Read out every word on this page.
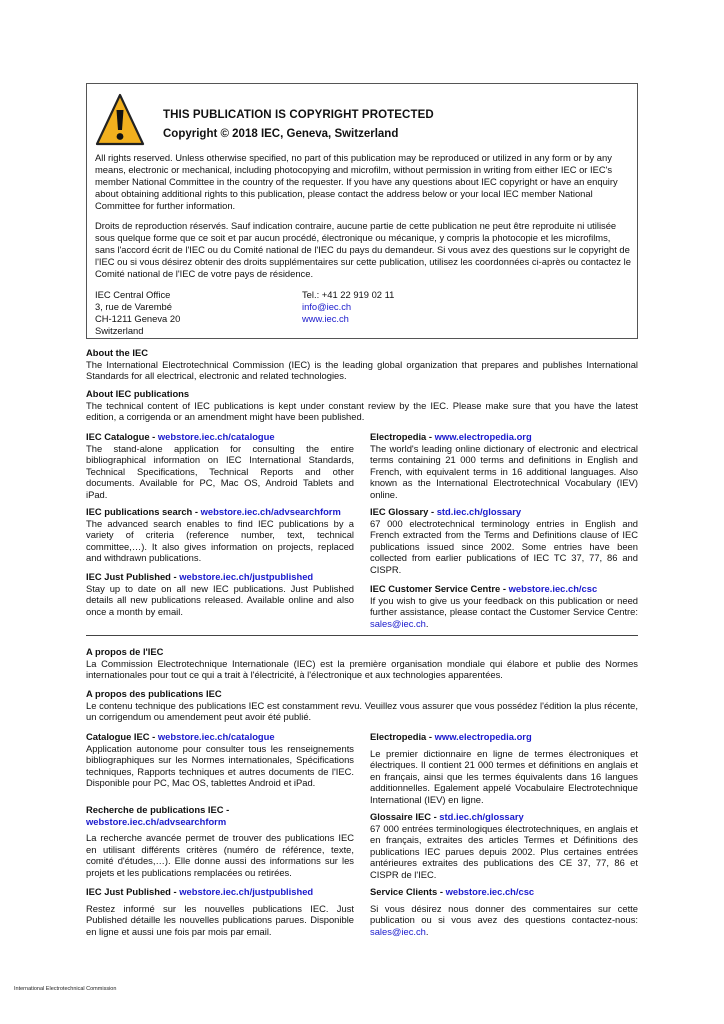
THIS PUBLICATION IS COPYRIGHT PROTECTED
Copyright © 2018 IEC, Geneva, Switzerland
All rights reserved. Unless otherwise specified, no part of this publication may be reproduced or utilized in any form or by any means, electronic or mechanical, including photocopying and microfilm, without permission in writing from either IEC or IEC's member National Committee in the country of the requester. If you have any questions about IEC copyright or have an enquiry about obtaining additional rights to this publication, please contact the address below or your local IEC member National Committee for further information.
Droits de reproduction réservés. Sauf indication contraire, aucune partie de cette publication ne peut être reproduite ni utilisée sous quelque forme que ce soit et par aucun procédé, électronique ou mécanique, y compris la photocopie et les microfilms, sans l'accord écrit de l'IEC ou du Comité national de l'IEC du pays du demandeur. Si vous avez des questions sur le copyright de l'IEC ou si vous désirez obtenir des droits supplémentaires sur cette publication, utilisez les coordonnées ci-après ou contactez le Comité national de l'IEC de votre pays de résidence.
IEC Central Office
3, rue de Varembé
CH-1211 Geneva 20
Switzerland
Tel.: +41 22 919 02 11
info@iec.ch
www.iec.ch
About the IEC
The International Electrotechnical Commission (IEC) is the leading global organization that prepares and publishes International Standards for all electrical, electronic and related technologies.
About IEC publications
The technical content of IEC publications is kept under constant review by the IEC. Please make sure that you have the latest edition, a corrigenda or an amendment might have been published.
IEC Catalogue - webstore.iec.ch/catalogue
The stand-alone application for consulting the entire bibliographical information on IEC International Standards, Technical Specifications, Technical Reports and other documents. Available for PC, Mac OS, Android Tablets and iPad.
IEC publications search - webstore.iec.ch/advsearchform
The advanced search enables to find IEC publications by a variety of criteria (reference number, text, technical committee,…). It also gives information on projects, replaced and withdrawn publications.
IEC Just Published - webstore.iec.ch/justpublished
Stay up to date on all new IEC publications. Just Published details all new publications released. Available online and also once a month by email.
Electropedia - www.electropedia.org
The world's leading online dictionary of electronic and electrical terms containing 21 000 terms and definitions in English and French, with equivalent terms in 16 additional languages. Also known as the International Electrotechnical Vocabulary (IEV) online.
IEC Glossary - std.iec.ch/glossary
67 000 electrotechnical terminology entries in English and French extracted from the Terms and Definitions clause of IEC publications issued since 2002. Some entries have been collected from earlier publications of IEC TC 37, 77, 86 and CISPR.
IEC Customer Service Centre - webstore.iec.ch/csc
If you wish to give us your feedback on this publication or need further assistance, please contact the Customer Service Centre: sales@iec.ch.
A propos de l'IEC
La Commission Electrotechnique Internationale (IEC) est la première organisation mondiale qui élabore et publie des Normes internationales pour tout ce qui a trait à l'électricité, à l'électronique et aux technologies apparentées.
A propos des publications IEC
Le contenu technique des publications IEC est constamment revu. Veuillez vous assurer que vous possédez l'édition la plus récente, un corrigendum ou amendement peut avoir été publié.
Catalogue IEC - webstore.iec.ch/catalogue
Application autonome pour consulter tous les renseignements bibliographiques sur les Normes internationales, Spécifications techniques, Rapports techniques et autres documents de l'IEC. Disponible pour PC, Mac OS, tablettes Android et iPad.
Recherche de publications IEC -
webstore.iec.ch/advsearchform
La recherche avancée permet de trouver des publications IEC en utilisant différents critères (numéro de référence, texte, comité d'études,…). Elle donne aussi des informations sur les projets et les publications remplacées ou retirées.
IEC Just Published - webstore.iec.ch/justpublished
Restez informé sur les nouvelles publications IEC. Just Published détaille les nouvelles publications parues. Disponible en ligne et aussi une fois par mois par email.
Electropedia - www.electropedia.org
Le premier dictionnaire en ligne de termes électroniques et électriques. Il contient 21 000 termes et définitions en anglais et en français, ainsi que les termes équivalents dans 16 langues additionnelles. Egalement appelé Vocabulaire Electrotechnique International (IEV) en ligne.
Glossaire IEC - std.iec.ch/glossary
67 000 entrées terminologiques électrotechniques, en anglais et en français, extraites des articles Termes et Définitions des publications IEC parues depuis 2002. Plus certaines entrées antérieures extraites des publications des CE 37, 77, 86 et CISPR de l'IEC.
Service Clients - webstore.iec.ch/csc
Si vous désirez nous donner des commentaires sur cette publication ou si vous avez des questions contactez-nous: sales@iec.ch.
International Electrotechnical Commission
